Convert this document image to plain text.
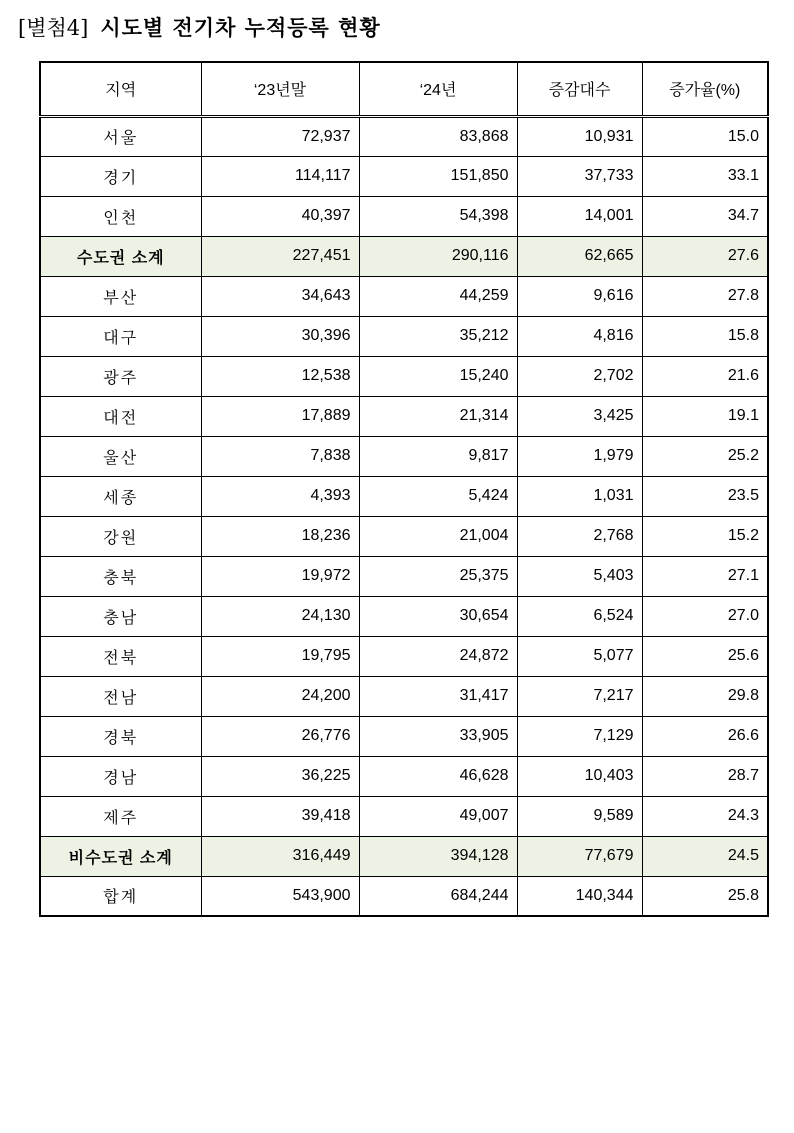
[별첨4] 시도별 전기차 누적등록 현황
지역	‘23년말	‘24년	증감대수	증가율(%)
서울	72,937	83,868	10,931	15.0
경기	114,117	151,850	37,733	33.1
인천	40,397	54,398	14,001	34.7
수도권 소계	227,451	290,116	62,665	27.6
부산	34,643	44,259	9,616	27.8
대구	30,396	35,212	4,816	15.8
광주	12,538	15,240	2,702	21.6
대전	17,889	21,314	3,425	19.1
울산	7,838	9,817	1,979	25.2
세종	4,393	5,424	1,031	23.5
강원	18,236	21,004	2,768	15.2
충북	19,972	25,375	5,403	27.1
충남	24,130	30,654	6,524	27.0
전북	19,795	24,872	5,077	25.6
전남	24,200	31,417	7,217	29.8
경북	26,776	33,905	7,129	26.6
경남	36,225	46,628	10,403	28.7
제주	39,418	49,007	9,589	24.3
비수도권 소계	316,449	394,128	77,679	24.5
합계	543,900	684,244	140,344	25.8
